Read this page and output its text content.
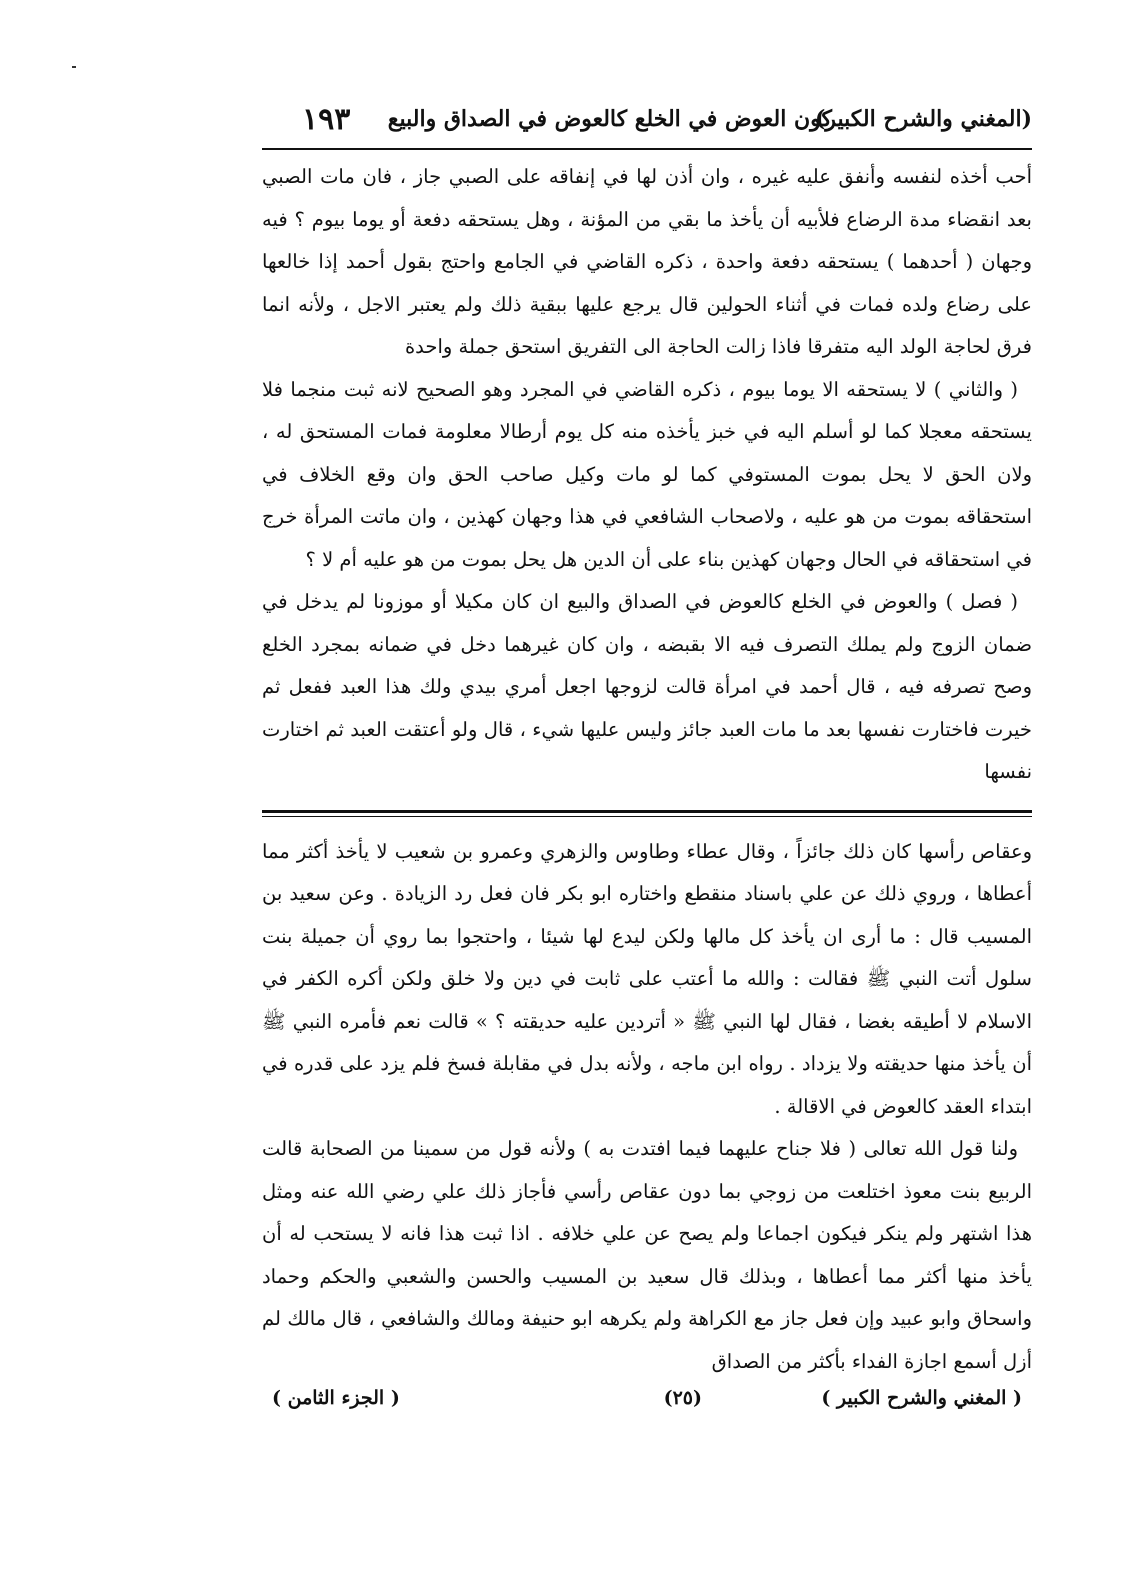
(المغني والشرح الكبير)
كون العوض في الخلع كالعوض في الصداق والبيع
١٩٣

أحب أخذه لنفسه وأنفق عليه غيره ، وان أذن لها في إنفاقه على الصبي جاز ، فان مات الصبي بعد انقضاء مدة الرضاع فلأبيه أن يأخذ ما بقي من المؤنة ، وهل يستحقه دفعة أو يوما بيوم ؟ فيه وجهان ( أحدهما ) يستحقه دفعة واحدة ، ذكره القاضي في الجامع واحتج بقول أحمد إذا خالعها على رضاع ولده فمات في أثناء الحولين قال يرجع عليها ببقية ذلك ولم يعتبر الاجل ، ولأنه انما فرق لحاجة الولد اليه متفرقا فاذا زالت الحاجة الى التفريق استحق جملة واحدة

( والثاني ) لا يستحقه الا يوما بيوم ، ذكره القاضي في المجرد وهو الصحيح لانه ثبت منجما فلا يستحقه معجلا كما لو أسلم اليه في خبز يأخذه منه كل يوم أرطالا معلومة فمات المستحق له ، ولان الحق لا يحل بموت المستوفي كما لو مات وكيل صاحب الحق وان وقع الخلاف في استحقاقه بموت من هو عليه ، ولاصحاب الشافعي في هذا وجهان كهذين ، وان ماتت المرأة خرج في استحقاقه في الحال وجهان كهذين بناء على أن الدين هل يحل بموت من هو عليه أم لا ؟

( فصل ) والعوض في الخلع كالعوض في الصداق والبيع ان كان مكيلا أو موزونا لم يدخل في ضمان الزوج ولم يملك التصرف فيه الا بقبضه ، وان كان غيرهما دخل في ضمانه بمجرد الخلع وصح تصرفه فيه ، قال أحمد في امرأة قالت لزوجها اجعل أمري بيدي ولك هذا العبد ففعل ثم خيرت فاختارت نفسها بعد ما مات العبد جائز وليس عليها شيء ، قال ولو أعتقت العبد ثم اختارت نفسها

وعقاص رأسها كان ذلك جائزاً ، وقال عطاء وطاوس والزهري وعمرو بن شعيب لا يأخذ أكثر مما أعطاها ، وروي ذلك عن علي باسناد منقطع واختاره ابو بكر فان فعل رد الزيادة . وعن سعيد بن المسيب قال : ما أرى ان يأخذ كل مالها ولكن ليدع لها شيئا ، واحتجوا بما روي أن جميلة بنت سلول أتت النبي ﷺ فقالت : والله ما أعتب على ثابت في دين ولا خلق ولكن أكره الكفر في الاسلام لا أطيقه بغضا ، فقال لها النبي ﷺ « أتردين عليه حديقته ؟ » قالت نعم فأمره النبي ﷺ أن يأخذ منها حديقته ولا يزداد . رواه ابن ماجه ، ولأنه بدل في مقابلة فسخ فلم يزد على قدره في ابتداء العقد كالعوض في الاقالة .

ولنا قول الله تعالى ( فلا جناح عليهما فيما افتدت به ) ولأنه قول من سمينا من الصحابة قالت الربيع بنت معوذ اختلعت من زوجي بما دون عقاص رأسي فأجاز ذلك علي رضي الله عنه ومثل هذا اشتهر ولم ينكر فيكون اجماعا ولم يصح عن علي خلافه . اذا ثبت هذا فانه لا يستحب له أن يأخذ منها أكثر مما أعطاها ، وبذلك قال سعيد بن المسيب والحسن والشعبي والحكم وحماد واسحاق وابو عبيد وإن فعل جاز مع الكراهة ولم يكرهه ابو حنيفة ومالك والشافعي ، قال مالك لم أزل أسمع اجازة الفداء بأكثر من الصداق

( المغني والشرح الكبير )
(٢٥)
( الجزء الثامن )
